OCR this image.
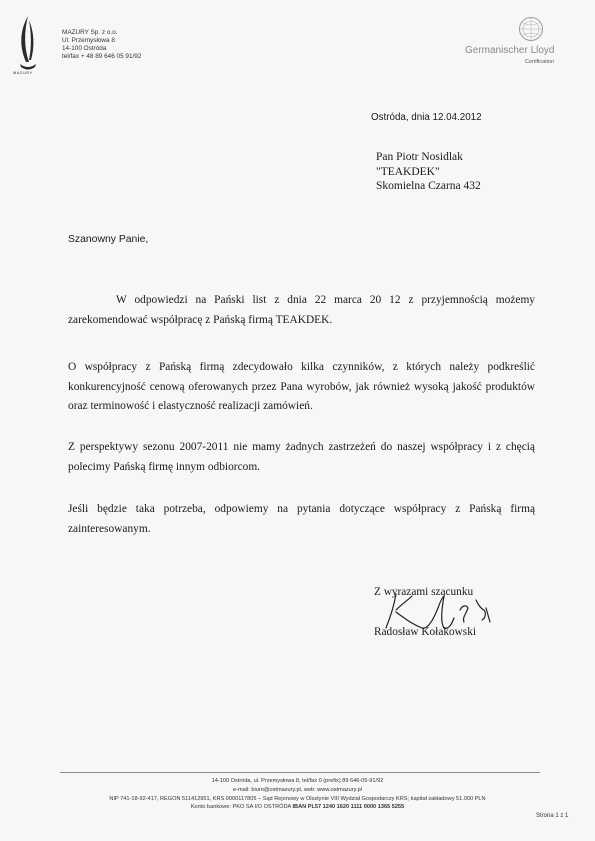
MAZURY
MAZURY Sp. z o.o.
Ul. Przemysłowa 8
14-100 Ostróda
tel/fax + 48 89 646 05 91/92
Germanischer Lloyd
Certification
Ostróda, dnia 12.04.2012
Pan Piotr Nosidlak
"TEAKDEK"
Skomielna Czarna 432
Szanowny Panie,
W odpowiedzi na Pański list z dnia 22 marca 20 12 z przyjemnością możemy zarekomendować współpracę z Pańską firmą TEAKDEK.
O współpracy z Pańską firmą zdecydowało kilka czynników, z których należy podkreślić konkurencyjność cenową oferowanych przez Pana wyrobów, jak również wysoką jakość produktów oraz terminowość i elastyczność realizacji zamówień.
Z perspektywy sezonu 2007-2011 nie mamy żadnych zastrzeżeń do naszej współpracy i z chęcią polecimy Pańską firmę innym odbiorcom.
Jeśli będzie taka potrzeba, odpowiemy na pytania dotyczące współpracy z Pańską firmą zainteresowanym.
Z wyrazami szacunku
Radosław Kołakowski
14-100 Ostróda, ul. Przemysłowa 8, tel/fax 0 (prefix) 89 646-05-91/92
e-mail: biuro@ostmazury.pl, web: www.ostmazury.pl
NIP 741-18-92-417, REGON 511412951, KRS 0000117805 – Sąd Rejonowy w Olsztynie VIII Wydział Gospodarczy KRS; kapitał zakładowy 51.000 PLN
Konto bankowe: PKO SA I/O OSTRÓDA IBAN PL57 1240 1620 1111 0000 1365 5255
Strona 1 z 1
